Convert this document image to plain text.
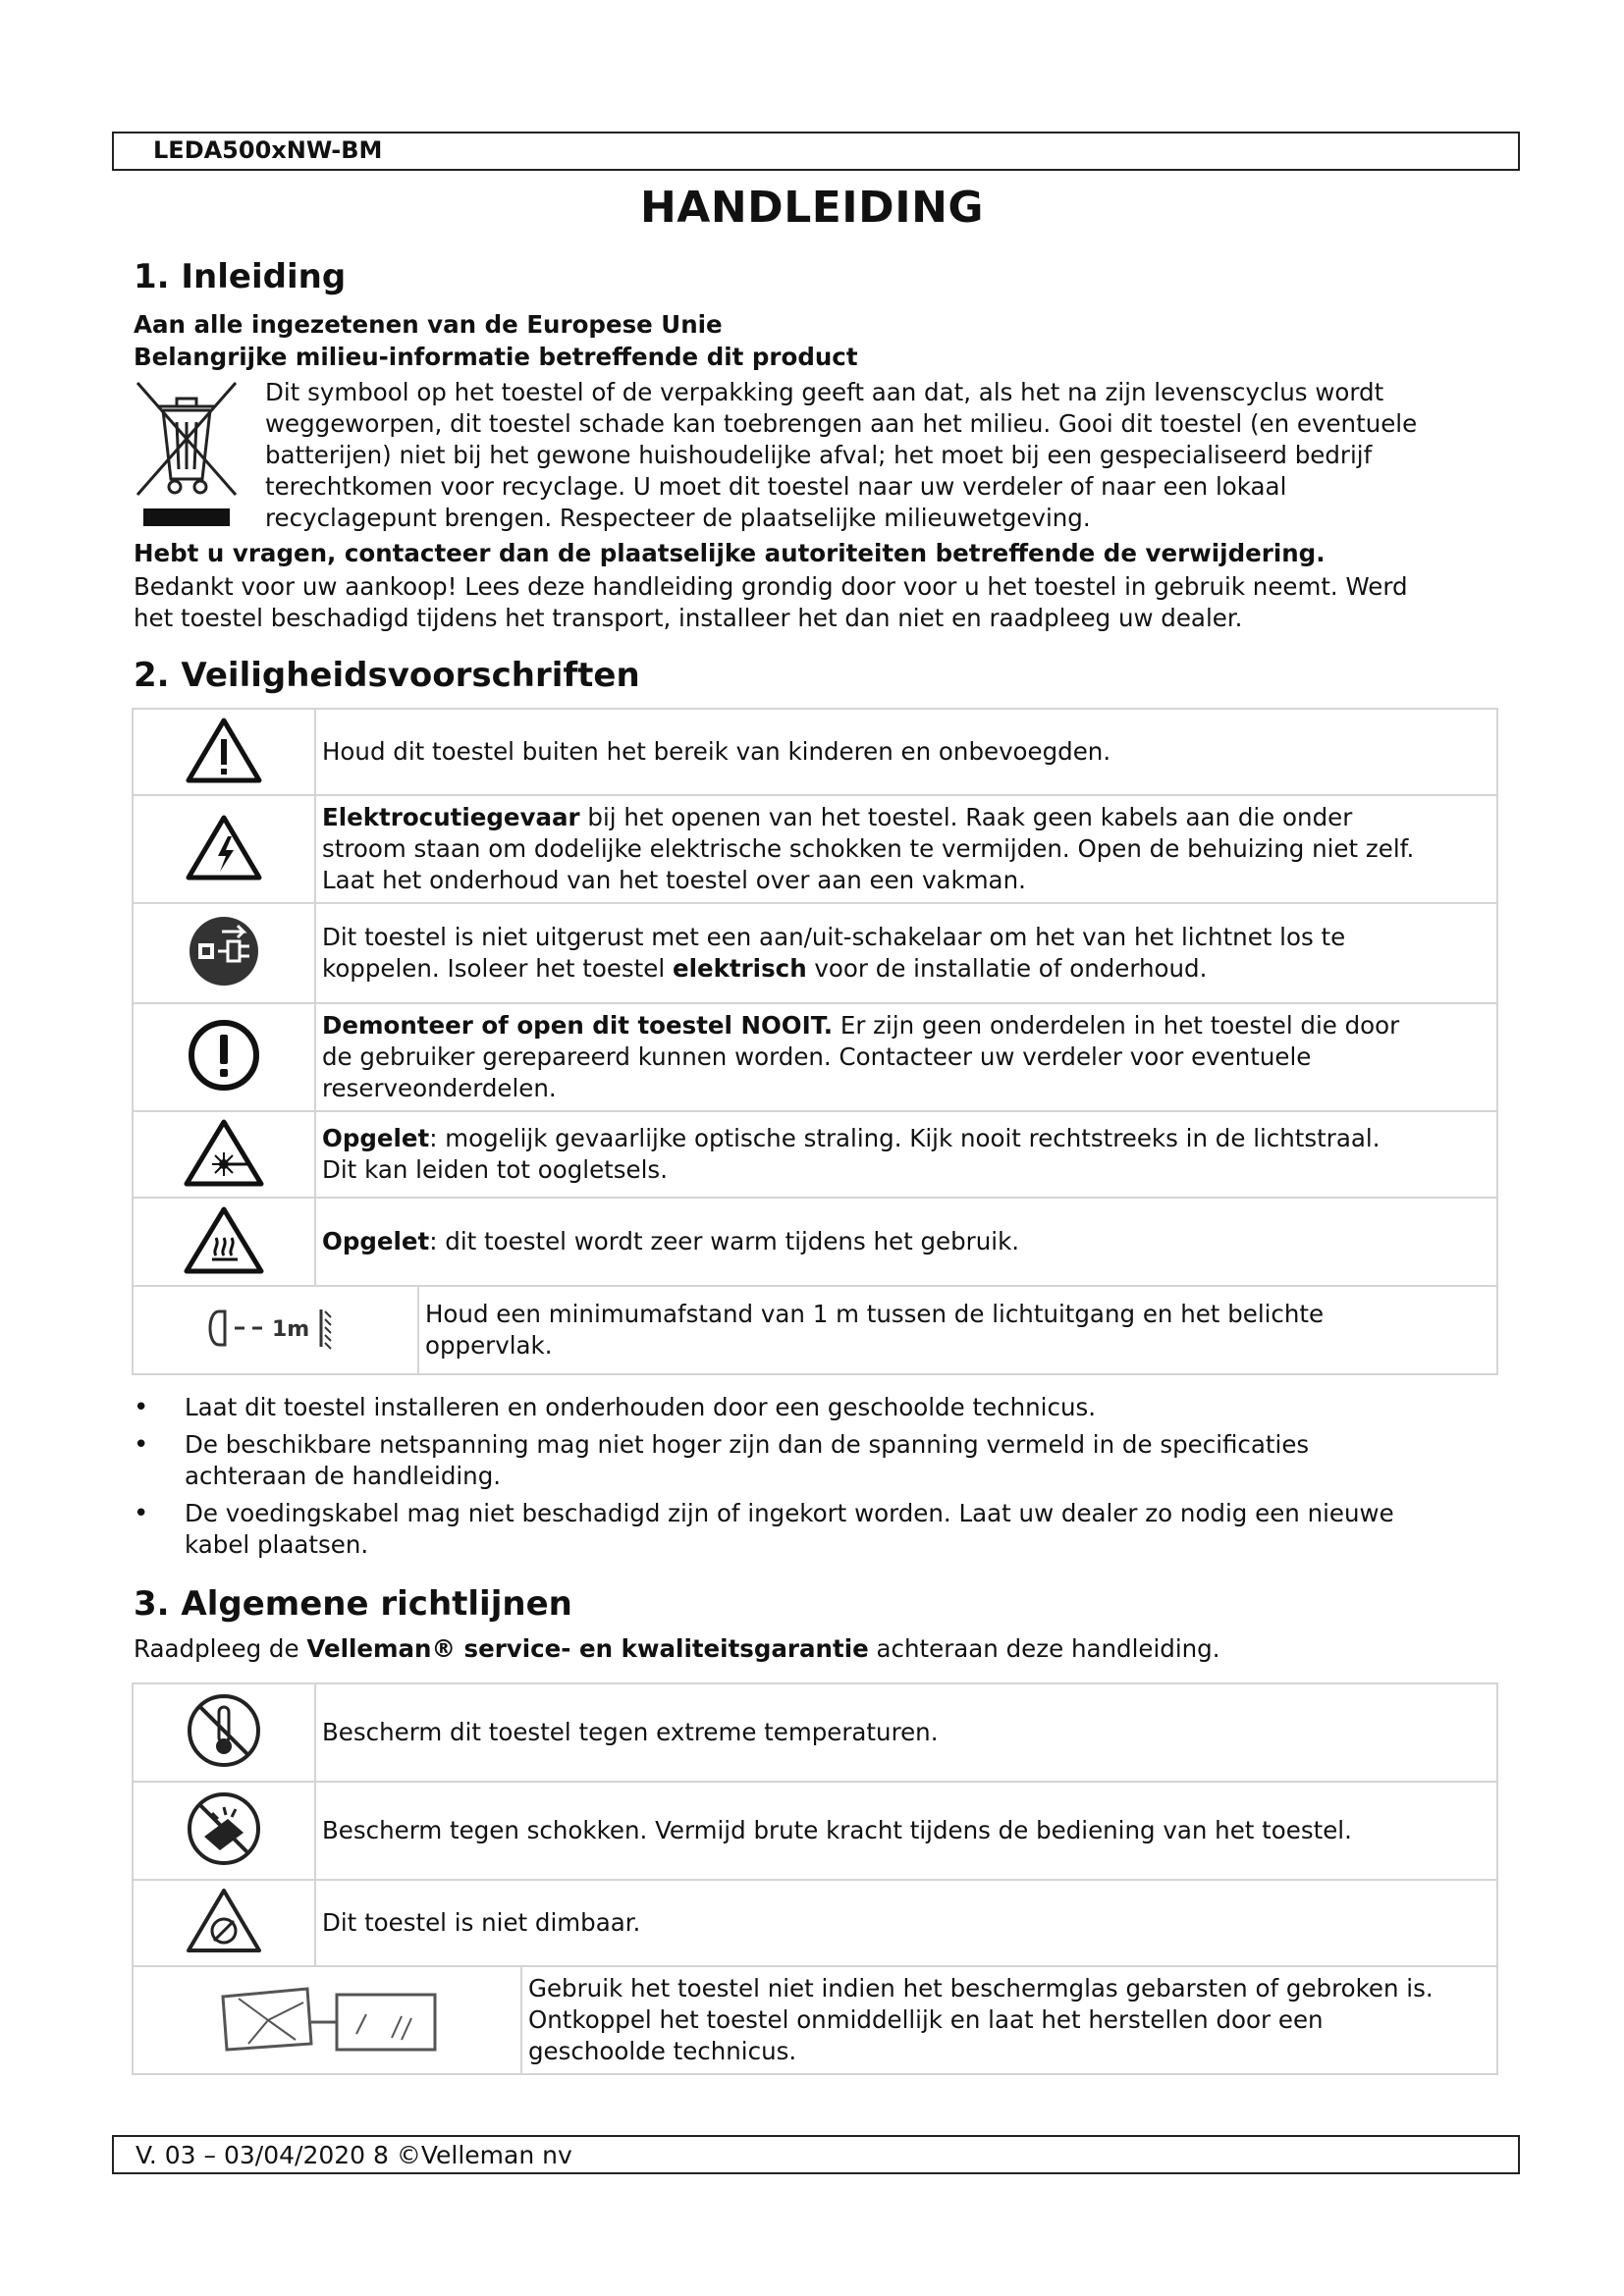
LEDA500xNW-BM
HANDLEIDING
1. Inleiding
Aan alle ingezetenen van de Europese Unie
Belangrijke milieu-informatie betreffende dit product
Dit symbool op het toestel of de verpakking geeft aan dat, als het na zijn levenscyclus wordt
weggeworpen, dit toestel schade kan toebrengen aan het milieu. Gooi dit toestel (en eventuele
batterijen) niet bij het gewone huishoudelijke afval; het moet bij een gespecialiseerd bedrijf
terechtkomen voor recyclage. U moet dit toestel naar uw verdeler of naar een lokaal
recyclagepunt brengen. Respecteer de plaatselijke milieuwetgeving.
Hebt u vragen, contacteer dan de plaatselijke autoriteiten betreffende de verwijdering.
Bedankt voor uw aankoop! Lees deze handleiding grondig door voor u het toestel in gebruik neemt. Werd
het toestel beschadigd tijdens het transport, installeer het dan niet en raadpleeg uw dealer.
2. Veiligheidsvoorschriften
	Houd dit toestel buiten het bereik van kinderen en onbevoegden.	

Elektrocutiegevaar bij het openen van het toestel. Raak geen kabels aan die onder
stroom staan om dodelijke elektrische schokken te vermijden. Open de behuizing niet zelf.
Laat het onderhoud van het toestel over aan een vakman.	

Dit toestel is niet uitgerust met een aan/uit-schakelaar om het van het lichtnet los te
koppelen. Isoleer het toestel elektrisch voor de installatie of onderhoud.	

Demonteer of open dit toestel NOOIT. Er zijn geen onderdelen in het toestel die door
de gebruiker gerepareerd kunnen worden. Contacteer uw verdeler voor eventuele
reserveonderdelen.	

Opgelet: mogelijk gevaarlijke optische straling. Kijk nooit rechtstreeks in de lichtstraal.
Dit kan leiden tot oogletsels.	

Opgelet: dit toestel wordt zeer warm tijdens het gebruik.	

1m		Houd een minimumafstand van 1 m tussen de lichtuitgang en het belichte
oppervlak.
• Laat dit toestel installeren en onderhouden door een geschoolde technicus.
• De beschikbare netspanning mag niet hoger zijn dan de spanning vermeld in de specificaties
achteraan de handleiding.
• De voedingskabel mag niet beschadigd zijn of ingekort worden. Laat uw dealer zo nodig een nieuwe
kabel plaatsen.
3. Algemene richtlijnen
Raadpleeg de Velleman® service- en kwaliteitsgarantie achteraan deze handleiding.
	Bescherm dit toestel tegen extreme temperaturen.	
	Bescherm tegen schokken. Vermijd brute kracht tijdens de bediening van het toestel.	
	Dit toestel is niet dimbaar.	

Gebruik het toestel niet indien het beschermglas gebarsten of gebroken is.
Ontkoppel het toestel onmiddellijk en laat het herstellen door een
geschoolde technicus.
V. 03 – 03/04/2020 8 ©Velleman nv
